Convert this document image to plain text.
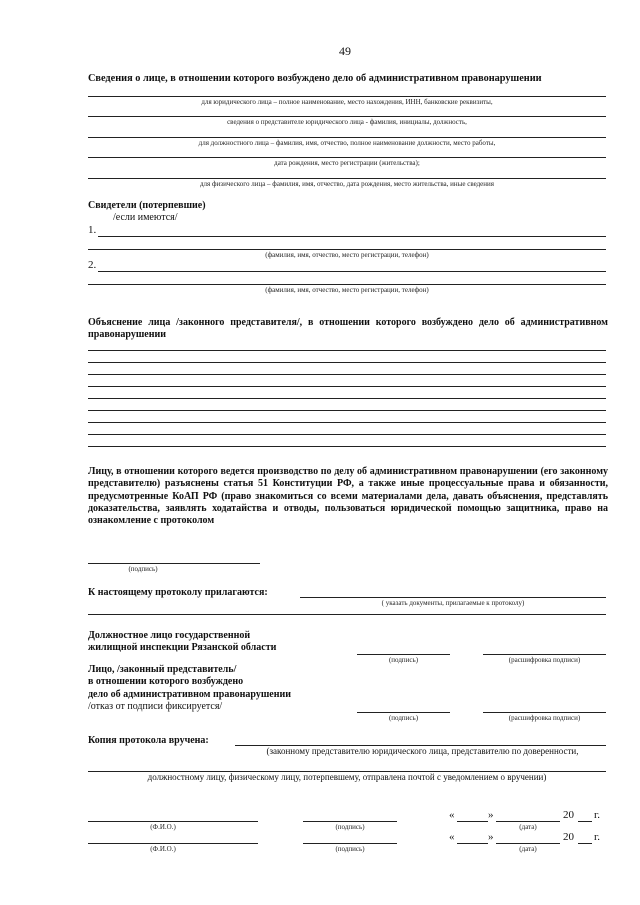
49
Сведения о лице, в отношении которого возбуждено дело об административном правонарушении
для юридического лица – полное наименование, место нахождения, ИНН, банковские реквизиты,
сведения о представителе юридического лица - фамилия, инициалы, должность,
для должностного лица – фамилия, имя, отчество, полное наименование должности, место работы,
дата рождения, место регистрации (жительства);
для физического лица – фамилия, имя, отчество, дата рождения, место жительства, иные сведения
Свидетели (потерпевшие)
/если имеются/
1.
(фамилия, имя, отчество, место регистрации, телефон)
2.
(фамилия, имя, отчество, место регистрации, телефон)
Объяснение лица /законного представителя/, в отношении которого возбуждено дело об административном правонарушении
Лицу, в отношении которого ведется производство по делу об административном правонарушении (его законному представителю) разъяснены статья 51 Конституции РФ, а также иные процессуальные права и обязанности, предусмотренные КоАП РФ (право знакомиться со всеми материалами дела, давать объяснения, представлять доказательства, заявлять ходатайства и отводы, пользоваться юридической помощью защитника, право на ознакомление с протоколом
(подпись)
К настоящему протоколу прилагаются:
( указать документы, прилагаемые к протоколу)
Должностное лицо государственной
жилищной инспекции Рязанской области
(подпись)	(расшифровка подписи)
Лицо, /законный представитель/
в отношении которого возбуждено
дело об административном правонарушении
/отказ от подписи фиксируется/
(подпись)	(расшифровка подписи)
Копия протокола вручена:
(законному представителю юридического лица, представителю по доверенности,
должностному лицу, физическому лицу, потерпевшему, отправлена почтой с уведомлением о вручении)
(Ф.И.О.)	(подпись)
«	»	20 г.
(дата)
(Ф.И.О.)	(подпись)
«	»	20 г.
(дата)
